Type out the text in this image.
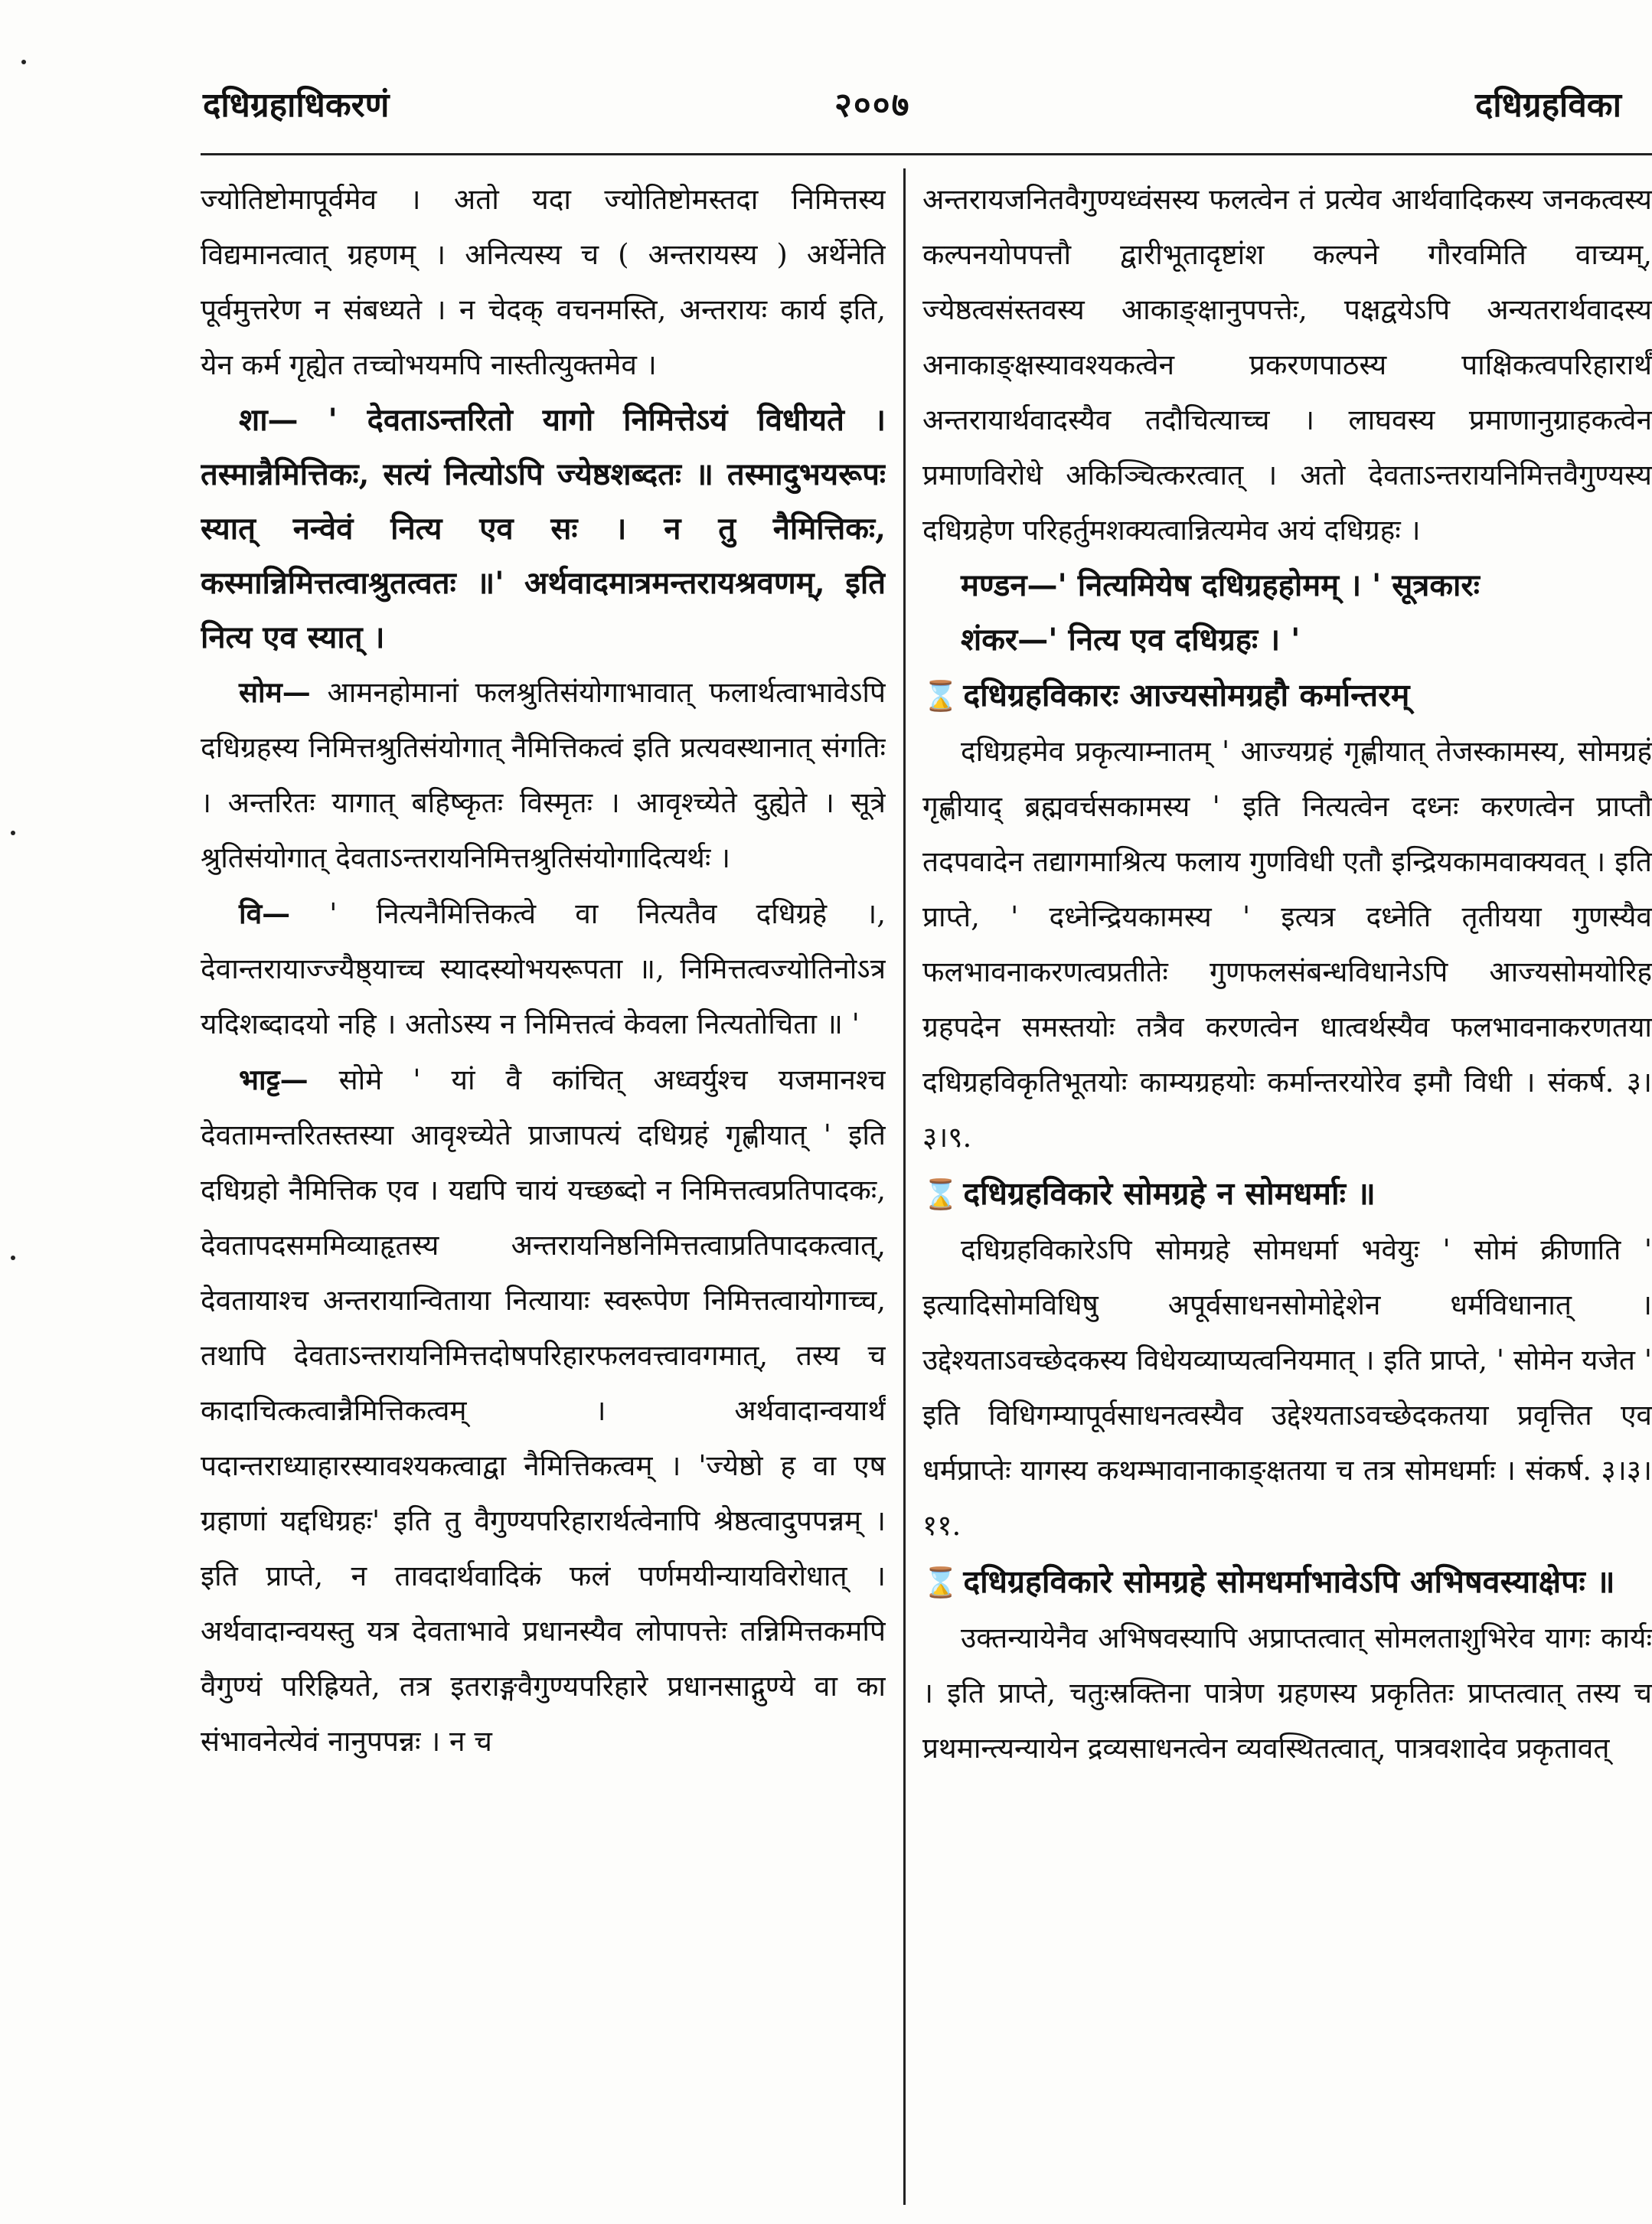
दधिग्रहाधिकरणं	२००७	दधिग्रहविका

ज्योतिष्टोमापूर्वमेव । अतो यदा ज्योतिष्टोमस्तदा निमित्तस्य विद्यमानत्वात् ग्रहणम् । अनित्यस्य च ( अन्तरायस्य ) अर्थेनेति पूर्वमुत्तरेण न संबध्यते । न चेदक् वचनमस्ति, अन्तरायः कार्य इति, येन कर्म गृह्येत तच्चोभयमपि नास्तीत्युक्तमेव ।

शा— ' देवताऽन्तरितो यागो निमित्तेऽयं विधीयते । तस्मान्नैमित्तिकः, सत्यं नित्योऽपि ज्येष्ठशब्दतः ॥ तस्मादुभयरूपः स्यात् नन्वेवं नित्य एव सः । न तु नैमित्तिकः, कस्मान्निमित्तत्वाश्रुतत्वतः ॥' अर्थवादमात्रमन्तरायश्रवणम्, इति नित्य एव स्यात् ।

सोम— आमनहोमानां फलश्रुतिसंयोगाभावात् फलार्थत्वाभावेऽपि दधिग्रहस्य निमित्तश्रुतिसंयोगात् नैमित्तिकत्वं इति प्रत्यवस्थानात् संगतिः । अन्तरितः यागात् बहिष्कृतः विस्मृतः । आवृश्च्येते दुह्येते । सूत्रे श्रुतिसंयोगात् देवताऽन्तरायनिमित्तश्रुतिसंयोगादित्यर्थः ।

वि— ' नित्यनैमित्तिकत्वे वा नित्यतैव दधिग्रहे ।, देवान्तरायाज्ज्यैष्ठ्याच्च स्यादस्योभयरूपता ॥, निमित्तत्वज्योतिनोऽत्र यदिशब्दादयो नहि । अतोऽस्य न निमित्तत्वं केवला नित्यतोचिता ॥ '

भाट्ट— सोमे ' यां वै कांचित् अध्वर्युश्च यजमानश्च देवतामन्तरितस्तस्या आवृश्च्येते प्राजापत्यं दधिग्रहं गृह्णीयात् ' इति दधिग्रहो नैमित्तिक एव । यद्यपि चायं यच्छब्दो न निमित्तत्वप्रतिपादकः, देवतापदसममिव्याहृतस्य अन्तरायनिष्ठनिमित्तत्वाप्रतिपादकत्वात्, देवतायाश्च अन्तरायान्विताया नित्यायाः स्वरूपेण निमित्तत्वायोगाच्च, तथापि देवताऽन्तरायनिमित्तदोषपरिहारफलवत्त्वावगमात्, तस्य च कादाचित्कत्वान्नैमित्तिकत्वम् । अर्थवादान्वयार्थं पदान्तराध्याहारस्यावश्यकत्वाद्वा नैमित्तिकत्वम् । 'ज्येष्ठो ह वा एष ग्रहाणां यद्दधिग्रहः' इति तु वैगुण्यपरिहारार्थत्वेनापि श्रेष्ठत्वादुपपन्नम् । इति प्राप्ते, न तावदार्थवादिकं फलं पर्णमयीन्यायविरोधात् । अर्थवादान्वयस्तु यत्र देवताभावे प्रधानस्यैव लोपापत्तेः तन्निमित्तकमपि वैगुण्यं परिह्रियते, तत्र इतराङ्गवैगुण्यपरिहारे प्रधानसाद्गुण्ये वा का संभावनेत्येवं नानुपपन्नः । न च

अन्तरायजनितवैगुण्यध्वंसस्य फलत्वेन तं प्रत्येव आर्थवादिकस्य जनकत्वस्य कल्पनयोपपत्तौ द्वारीभूतादृष्टांश कल्पने गौरवमिति वाच्यम्, ज्येष्ठत्वसंस्तवस्य आकाङ्क्षानुपपत्तेः, पक्षद्वयेऽपि अन्यतरार्थवादस्य अनाकाङ्क्षस्यावश्यकत्वेन प्रकरणपाठस्य पाक्षिकत्वपरिहारार्थं अन्तरायार्थवादस्यैव तदौचित्याच्च । लाघवस्य प्रमाणानुग्राहकत्वेन प्रमाणविरोधे अकिञ्चित्करत्वात् । अतो देवताऽन्तरायनिमित्तवैगुण्यस्य दधिग्रहेण परिहर्तुमशक्यत्वान्नित्यमेव अयं दधिग्रहः ।

मण्डन—' नित्यमियेष दधिग्रहहोमम् । ' सूत्रकारः

शंकर—' नित्य एव दधिग्रहः । '

⌛ दधिग्रहविकारः आज्यसोमग्रहौ कर्मान्तरम्

दधिग्रहमेव प्रकृत्याम्नातम् ' आज्यग्रहं गृह्णीयात् तेजस्कामस्य, सोमग्रहं गृह्णीयाद् ब्रह्मवर्चसकामस्य ' इति नित्यत्वेन दध्नः करणत्वेन प्राप्तौ तदपवादेन तद्यागमाश्रित्य फलाय गुणविधी एतौ इन्द्रियकामवाक्यवत् । इति प्राप्ते, ' दध्नेन्द्रियकामस्य ' इत्यत्र दध्नेति तृतीयया गुणस्यैव फलभावनाकरणत्वप्रतीतेः गुणफलसंबन्धविधानेऽपि आज्यसोमयोरिह ग्रहपदेन समस्तयोः तत्रैव करणत्वेन धात्वर्थस्यैव फलभावनाकरणतया दधिग्रहविकृतिभूतयोः काम्यग्रहयोः कर्मान्तरयोरेव इमौ विधी । संकर्ष. ३।३।९.

⌛ दधिग्रहविकारे सोमग्रहे न सोमधर्माः ॥

दधिग्रहविकारेऽपि सोमग्रहे सोमधर्मा भवेयुः ' सोमं क्रीणाति ' इत्यादिसोमविधिषु अपूर्वसाधनसोमोद्देशेन धर्मविधानात् । उद्देश्यताऽवच्छेदकस्य विधेयव्याप्यत्वनियमात् । इति प्राप्ते, ' सोमेन यजेत ' इति विधिगम्यापूर्वसाधनत्वस्यैव उद्देश्यताऽवच्छेदकतया प्रवृत्तित एव धर्मप्राप्तेः यागस्य कथम्भावानाकाङ्क्षतया च तत्र सोमधर्माः । संकर्ष. ३।३।११.

⌛ दधिग्रहविकारे सोमग्रहे सोमधर्माभावेऽपि अभिषवस्याक्षेपः ॥

उक्तन्यायेनैव अभिषवस्यापि अप्राप्तत्वात् सोमलताशुभिरेव यागः कार्यः । इति प्राप्ते, चतुःस्रक्तिना पात्रेण ग्रहणस्य प्रकृतितः प्राप्तत्वात् तस्य च प्रथमान्त्यन्यायेन द्रव्यसाधनत्वेन व्यवस्थितत्वात्, पात्रवशादेव प्रकृतावत्
